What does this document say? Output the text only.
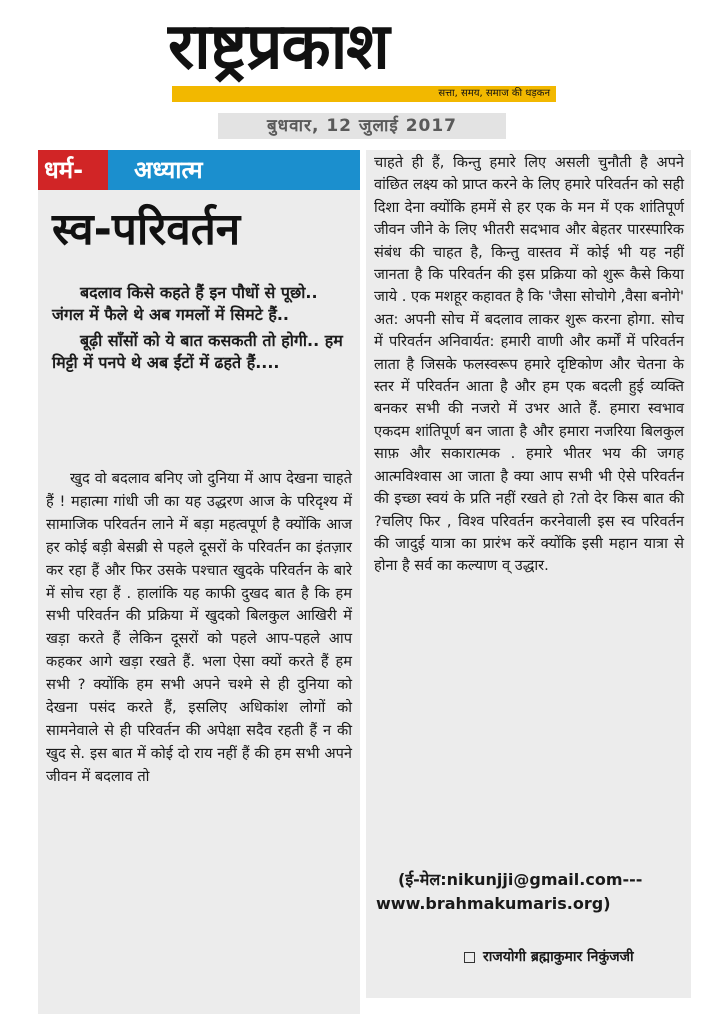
राष्ट्रप्रकाश
सत्ता, समय, समाज की धड़कन
बुधवार, 12 जुलाई 2017
धर्म- अध्यात्म
स्व-परिवर्तन

बदलाव किसे कहते हैं इन पौधों से पूछो.. जंगल में फैले थे अब गमलों में सिमटे हैं..

बूढ़ी साँसों को ये बात कसकती तो होगी.. हम मिट्टी में पनपे थे अब ईंटों में ढहते हैं....

खुद वो बदलाव बनिए जो दुनिया में आप देखना चाहते हैं ! महात्मा गांधी जी का यह उद्धरण आज के परिदृश्य में सामाजिक परिवर्तन लाने में बड़ा महत्वपूर्ण है क्योंकि आज हर कोई बड़ी बेसब्री से पहले दूसरों के परिवर्तन का इंतज़ार कर रहा हैं और फिर उसके पश्चात खुदके परिवर्तन के बारे में सोच रहा हैं . हालांकि यह काफी दुखद बात है कि हम सभी परिवर्तन की प्रक्रिया में खुदको बिलकुल आखिरी में खड़ा करते हैं लेकिन दूसरों को पहले आप-पहले आप कहकर आगे खड़ा रखते हैं. भला ऐसा क्यों करते हैं हम सभी ? क्योंकि हम सभी अपने चश्मे से ही दुनिया को देखना पसंद करते हैं, इसलिए अधिकांश लोगों को सामनेवाले से ही परिवर्तन की अपेक्षा सदैव रहती हैं न की खुद से. इस बात में कोई दो राय नहीं हैं की हम सभी अपने जीवन में बदलाव तो

चाहते ही हैं, किन्तु हमारे लिए असली चुनौती है अपने वांछित लक्ष्य को प्राप्त करने के लिए हमारे परिवर्तन को सही दिशा देना क्योंकि हममें से हर एक के मन में एक शांतिपूर्ण जीवन जीने के लिए भीतरी सदभाव और बेहतर पारस्पारिक संबंध की चाहत है, किन्तु वास्तव में कोई भी यह नहीं जानता है कि परिवर्तन की इस प्रक्रिया को शुरू कैसे किया जाये . एक मशहूर कहावत है कि 'जैसा सोचोगे ,वैसा बनोगे' अत: अपनी सोच में बदलाव लाकर शुरू करना होगा. सोच में परिवर्तन अनिवार्यत: हमारी वाणी और कर्मों में परिवर्तन लाता है जिसके फलस्वरूप हमारे दृष्टिकोण और चेतना के स्तर में परिवर्तन आता है और हम एक बदली हुई व्यक्ति बनकर सभी की नजरो में उभर आते हैं. हमारा स्वभाव एकदम शांतिपूर्ण बन जाता है और हमारा नजरिया बिलकुल साफ़ और सकारात्मक . हमारे भीतर भय की जगह आत्मविश्वास आ जाता है क्या आप सभी भी ऐसे परिवर्तन की इच्छा स्वयं के प्रति नहीं रखते हो ?तो देर किस बात की ?चलिए फिर , विश्व परिवर्तन करनेवाली इस स्व परिवर्तन की जादुई यात्रा का प्रारंभ करें क्योंकि इसी महान यात्रा से होना है सर्व का कल्याण व् उद्धार.

(ई-मेल:nikunjji@gmail.com---
www.brahmakumaris.org)
राजयोगी ब्रह्माकुमार निकुंजजी
